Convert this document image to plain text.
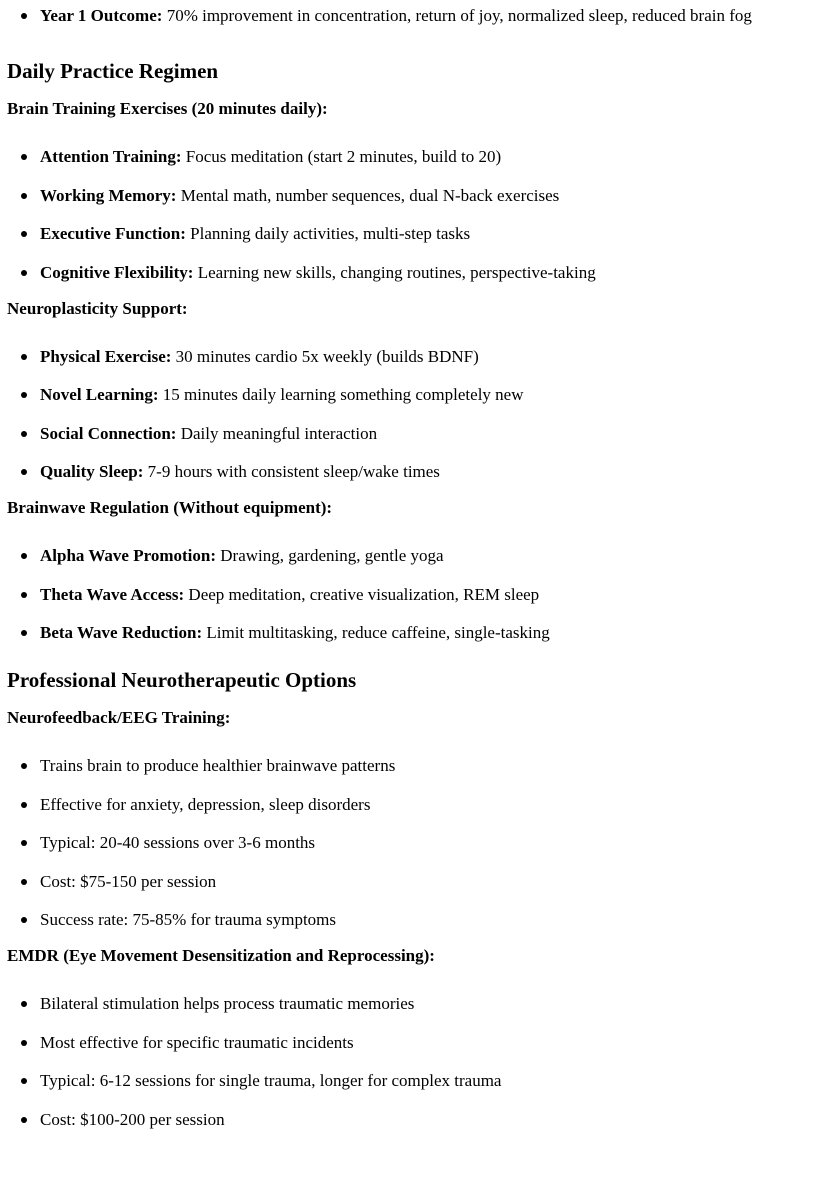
Year 1 Outcome: 70% improvement in concentration, return of joy, normalized sleep, reduced brain fog
Daily Practice Regimen
Brain Training Exercises (20 minutes daily):
Attention Training: Focus meditation (start 2 minutes, build to 20)
Working Memory: Mental math, number sequences, dual N-back exercises
Executive Function: Planning daily activities, multi-step tasks
Cognitive Flexibility: Learning new skills, changing routines, perspective-taking
Neuroplasticity Support:
Physical Exercise: 30 minutes cardio 5x weekly (builds BDNF)
Novel Learning: 15 minutes daily learning something completely new
Social Connection: Daily meaningful interaction
Quality Sleep: 7-9 hours with consistent sleep/wake times
Brainwave Regulation (Without equipment):
Alpha Wave Promotion: Drawing, gardening, gentle yoga
Theta Wave Access: Deep meditation, creative visualization, REM sleep
Beta Wave Reduction: Limit multitasking, reduce caffeine, single-tasking
Professional Neurotherapeutic Options
Neurofeedback/EEG Training:
Trains brain to produce healthier brainwave patterns
Effective for anxiety, depression, sleep disorders
Typical: 20-40 sessions over 3-6 months
Cost: $75-150 per session
Success rate: 75-85% for trauma symptoms
EMDR (Eye Movement Desensitization and Reprocessing):
Bilateral stimulation helps process traumatic memories
Most effective for specific traumatic incidents
Typical: 6-12 sessions for single trauma, longer for complex trauma
Cost: $100-200 per session
